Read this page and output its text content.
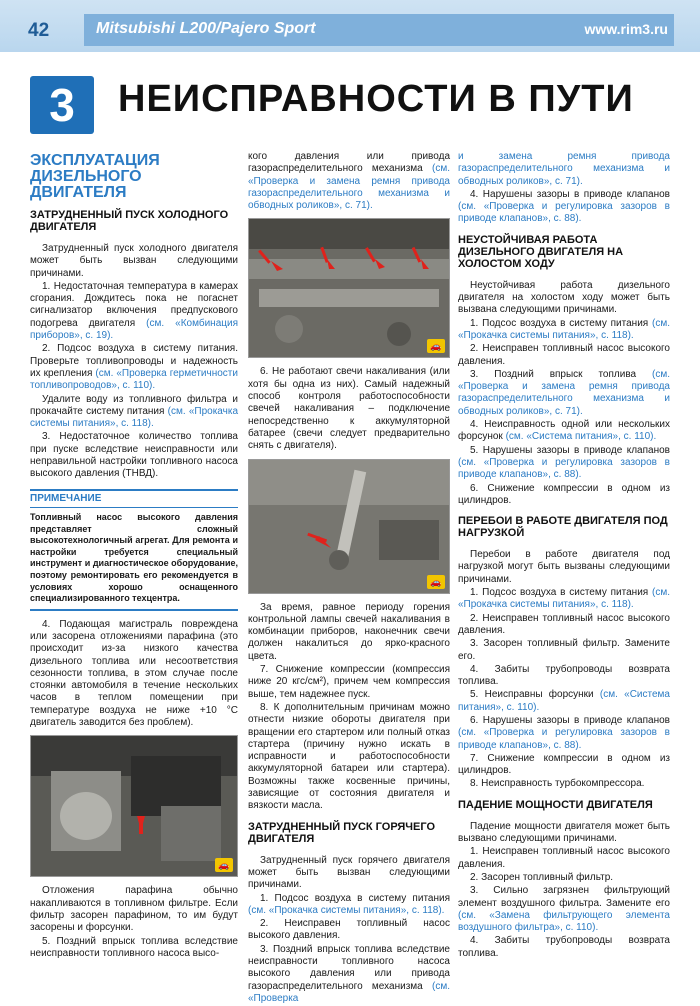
42	Mitsubishi L200/Pajero Sport	www.rim3.ru
3	НЕИСПРАВНОСТИ В ПУТИ
ЭКСПЛУАТАЦИЯ ДИЗЕЛЬНОГО ДВИГАТЕЛЯ
ЗАТРУДНЕННЫЙ ПУСК ХОЛОДНОГО ДВИГАТЕЛЯ

Затрудненный пуск холодного двигателя может быть вызван следующими причинами.

1. Недостаточная температура в камерах сгорания. Дождитесь пока не погаснет сигнализатор включения предпускового подогрева двигателя (см. «Комбинация приборов», с. 19).

2. Подсос воздуха в систему питания. Проверьте топливопроводы и надежность их крепления (см. «Проверка герметичности топливопроводов», с. 110).

Удалите воду из топливного фильтра и прокачайте систему питания (см. «Прокачка системы питания», с. 118).

3. Недостаточное количество топлива при пуске вследствие неисправности или неправильной настройки топливного насоса высокого давления (ТНВД).

ПРИМЕЧАНИЕ
Топливный насос высокого давления представляет сложный высокотехнологичный агрегат. Для ремонта и настройки требуется специальный инструмент и диагностическое оборудование, поэтому ремонтировать его рекомендуется в условиях хорошо оснащенного специализированного техцентра.

4. Подающая магистраль повреждена или засорена отложениями парафина (это происходит из-за низкого качества дизельного топлива или несоответствия сезонности топлива, в этом случае после стоянки автомобиля в течение нескольких часов в теплом помещении при температуре воздуха не ниже +10 °С двигатель заводится без проблем).

🚗

Отложения парафина обычно накапливаются в топливном фильтре. Если фильтр засорен парафином, то им будут засорены и форсунки.

5. Поздний впрыск топлива вследствие неисправности топливного насоса высо-

кого давления или привода газораспределительного механизма (см. «Проверка и замена ремня привода газораспределительного механизма и обводных роликов», с. 71).

🚗

6. Не работают свечи накаливания (или хотя бы одна из них). Самый надежный способ контроля работоспособности свечей накаливания – подключение непосредственно к аккумуляторной батарее (свечи следует предварительно снять с двигателя).

🚗

За время, равное периоду горения контрольной лампы свечей накаливания в комбинации приборов, наконечник свечи должен накалиться до ярко-красного цвета.

7. Снижение компрессии (компрессия ниже 20 кгс/см²), причем чем компрессия выше, тем надежнее пуск.

8. К дополнительным причинам можно отнести низкие обороты двигателя при вращении его стартером или полный отказ стартера (причину нужно искать в исправности и работоспособности аккумуляторной батареи или стартера). Возможны также косвенные причины, зависящие от состояния двигателя и вязкости масла.

ЗАТРУДНЕННЫЙ ПУСК ГОРЯЧЕГО ДВИГАТЕЛЯ

Затрудненный пуск горячего двигателя может быть вызван следующими причинами.

1. Подсос воздуха в систему питания (см. «Прокачка системы питания», с. 118).

2. Неисправен топливный насос высокого давления.

3. Поздний впрыск топлива вследствие неисправности топливного насоса высокого давления или привода газораспределительного механизма (см. «Проверка

и замена ремня привода газораспределительного механизма и обводных роликов», с. 71).

4. Нарушены зазоры в приводе клапанов (см. «Проверка и регулировка зазоров в приводе клапанов», с. 88).

НЕУСТОЙЧИВАЯ РАБОТА ДИЗЕЛЬНОГО ДВИГАТЕЛЯ НА ХОЛОСТОМ ХОДУ

Неустойчивая работа дизельного двигателя на холостом ходу может быть вызвана следующими причинами.

1. Подсос воздуха в систему питания (см. «Прокачка системы питания», с. 118).

2. Неисправен топливный насос высокого давления.

3. Поздний впрыск топлива (см. «Проверка и замена ремня привода газораспределительного механизма и обводных роликов», с. 71).

4. Неисправность одной или нескольких форсунок (см. «Система питания», с. 110).

5. Нарушены зазоры в приводе клапанов (см. «Проверка и регулировка зазоров в приводе клапанов», с. 88).

6. Снижение компрессии в одном из цилиндров.

ПЕРЕБОИ В РАБОТЕ ДВИГАТЕЛЯ ПОД НАГРУЗКОЙ

Перебои в работе двигателя под нагрузкой могут быть вызваны следующими причинами.

1. Подсос воздуха в систему питания (см. «Прокачка системы питания», с. 118).

2. Неисправен топливный насос высокого давления.

3. Засорен топливный фильтр. Замените его.

4. Забиты трубопроводы возврата топлива.

5. Неисправны форсунки (см. «Система питания», с. 110).

6. Нарушены зазоры в приводе клапанов (см. «Проверка и регулировка зазоров в приводе клапанов», с. 88).

7. Снижение компрессии в одном из цилиндров.

8. Неисправность турбокомпрессора.

ПАДЕНИЕ МОЩНОСТИ ДВИГАТЕЛЯ

Падение мощности двигателя может быть вызвано следующими причинами.

1. Неисправен топливный насос высокого давления.

2. Засорен топливный фильтр.

3. Сильно загрязнен фильтрующий элемент воздушного фильтра. Замените его (см. «Замена фильтрующего элемента воздушного фильтра», с. 110).

4. Забиты трубопроводы возврата топлива.
